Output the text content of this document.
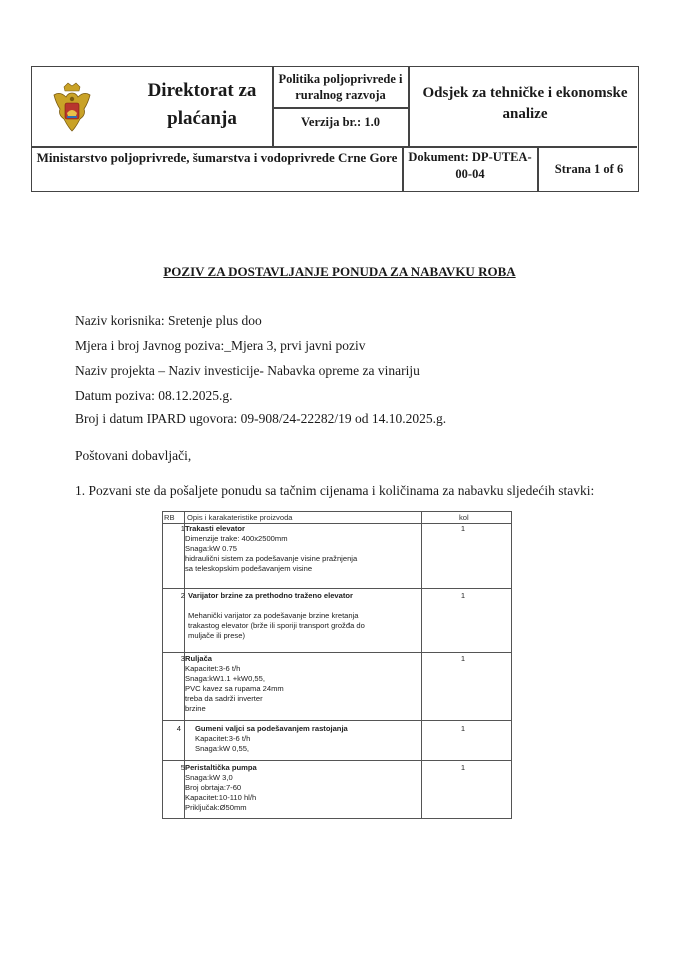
Direktorat za plaćanja
Politika poljoprivrede i ruralnog razvoja
Verzija br.: 1.0
Odsjek za tehničke i ekonomske analize
Ministarstvo poljoprivrede, šumarstva i vodoprivrede Crne Gore Dokument: DP-UTEA-00-04	Strana 1 of 6
POZIV ZA DOSTAVLJANJE PONUDA ZA NABAVKU ROBA
Naziv korisnika: Sretenje plus doo
Mjera i broj Javnog poziva:_Mjera 3, prvi javni poziv
Naziv projekta – Naziv investicije- Nabavka opreme za vinariju
Datum poziva: 08.12.2025.g.
Broj i datum IPARD ugovora: 09-908/24-22282/19 od 14.10.2025.g.
Poštovani dobavljači,
1. Pozvani ste da pošaljete ponudu sa tačnim cijenama i količinama za nabavku sljedećih stavki:
RB Opis i karakateristike proizvoda	kol
1 Trakasti elevator
Dimenzije trake: 400x2500mm
Snaga:kW 0.75
hidraulični sistem za podešavanje visine pražnjenja
sa teleskopskim podešavanjem visine
1
2 Varijator brzine za prethodno traženo elevator
Mehanički varijator za podešavanje brzine kretanja
trakastog elevator (brže ili sporiji transport grožđa do
muljače ili prese)
1
3 Ruljača
Kapacitet:3-6 t/h
Snaga:kW1.1 +kW0,55,
PVC kavez sa rupama 24mm
treba da sadrži inverter
brzine
1
4 Gumeni valjci sa podešavanjem rastojanja
Kapacitet:3-6 t/h
Snaga:kW 0,55,
1
5 Peristaltička pumpa
Snaga:kW 3,0
Broj obrtaja:7-60
Kapacitet:10-110 hl/h
Priključak:Ø50mm
1
